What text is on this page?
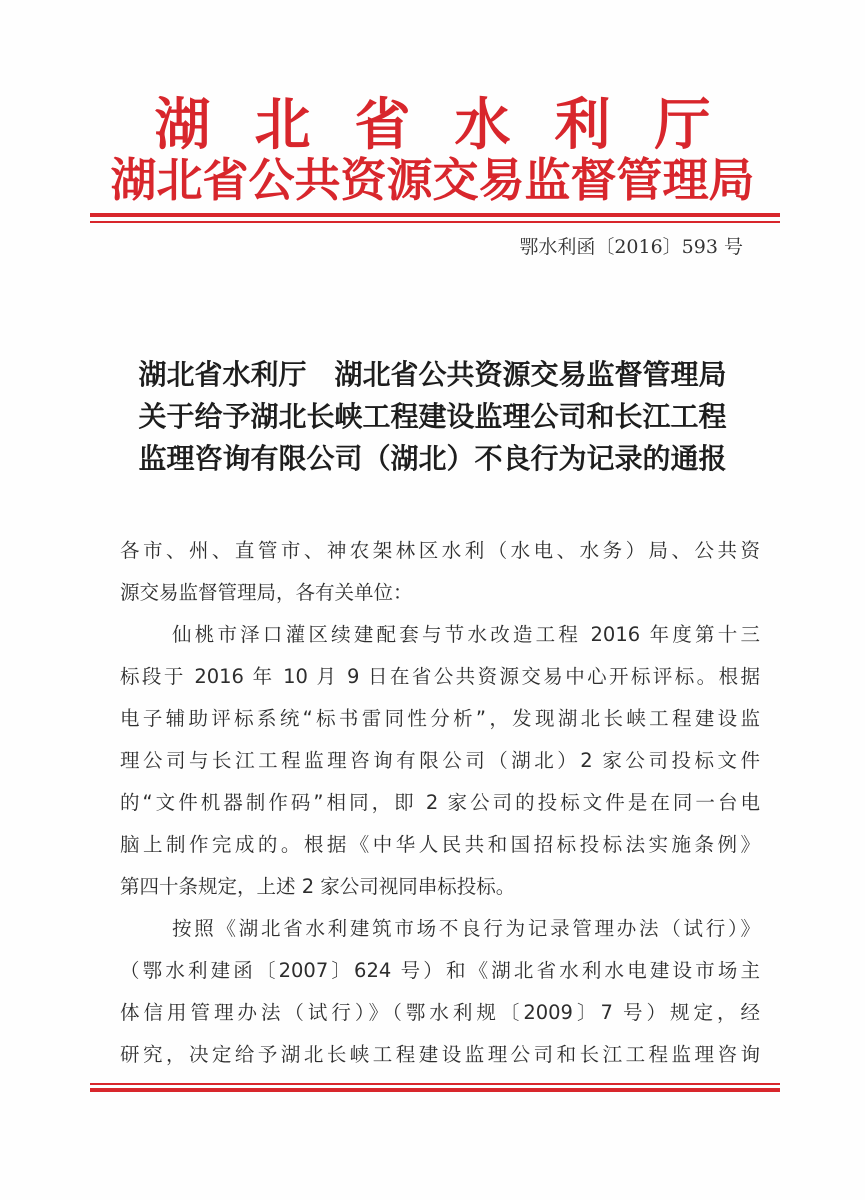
湖北省水利厅
湖北省公共资源交易监督管理局
鄂水利函〔2016〕593 号
湖北省水利厅　湖北省公共资源交易监督管理局
关于给予湖北长峡工程建设监理公司和长江工程
监理咨询有限公司（湖北）不良行为记录的通报
各市、州、直管市、神农架林区水利（水电、水务）局、公共资
源交易监督管理局，各有关单位：
仙桃市泽口灌区续建配套与节水改造工程 2016 年度第十三
标段于 2016 年 10 月 9 日在省公共资源交易中心开标评标。根据
电子辅助评标系统“标书雷同性分析”，发现湖北长峡工程建设监
理公司与长江工程监理咨询有限公司（湖北）2 家公司投标文件
的“文件机器制作码”相同，即 2 家公司的投标文件是在同一台电
脑上制作完成的。根据《中华人民共和国招标投标法实施条例》
第四十条规定，上述 2 家公司视同串标投标。
按照《湖北省水利建筑市场不良行为记录管理办法（试行）》
（鄂水利建函〔2007〕624 号）和《湖北省水利水电建设市场主
体信用管理办法（试行）》（鄂水利规〔2009〕7 号）规定，经
研究，决定给予湖北长峡工程建设监理公司和长江工程监理咨询
